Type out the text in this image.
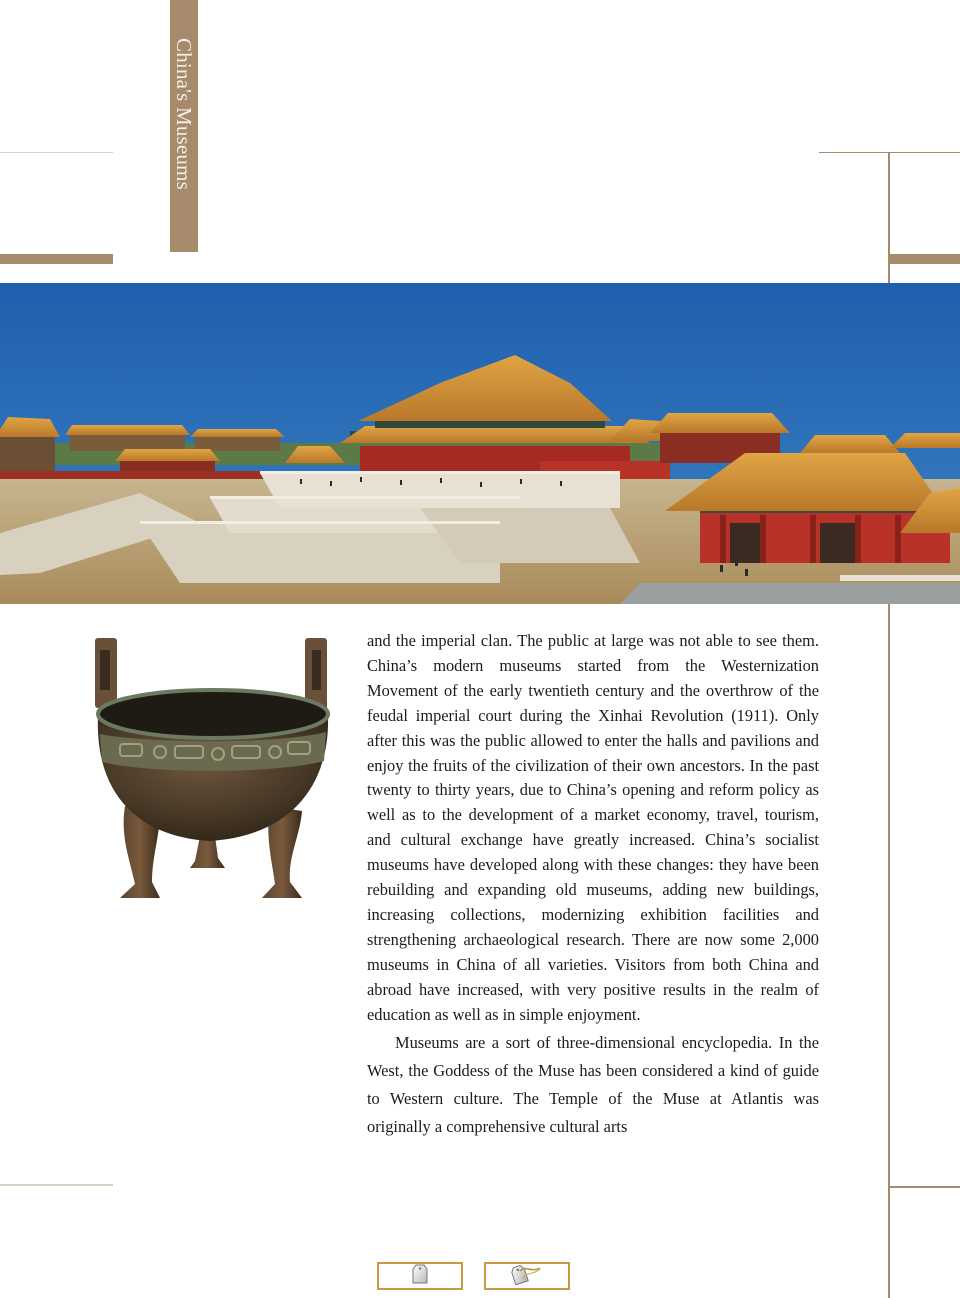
China's Museums

and the imperial clan. The public at large was not able to see them. China’s modern museums started from the Westernization Movement of the early twentieth century and the overthrow of the feudal imperial court during the Xinhai Revolution (1911). Only after this was the public allowed to enter the halls and pavilions and enjoy the fruits of the civilization of their own ancestors. In the past twenty to thirty years, due to China’s opening and reform policy as well as to the development of a market economy, travel, tourism, and cultural exchange have greatly increased. China’s socialist museums have developed along with these changes: they have been rebuilding and expanding old museums, adding new buildings, increasing collections, modernizing exhibition facilities and strengthening archaeological research. There are now some 2,000 museums in China of all varieties. Visitors from both China and abroad have increased, with very positive results in the realm of education as well as in simple enjoyment.

Museums are a sort of three-dimensional encyclopedia. In the West, the Goddess of the Muse has been considered a kind of guide to Western culture. The Temple of the Muse at Atlantis was originally a comprehensive cultural arts
